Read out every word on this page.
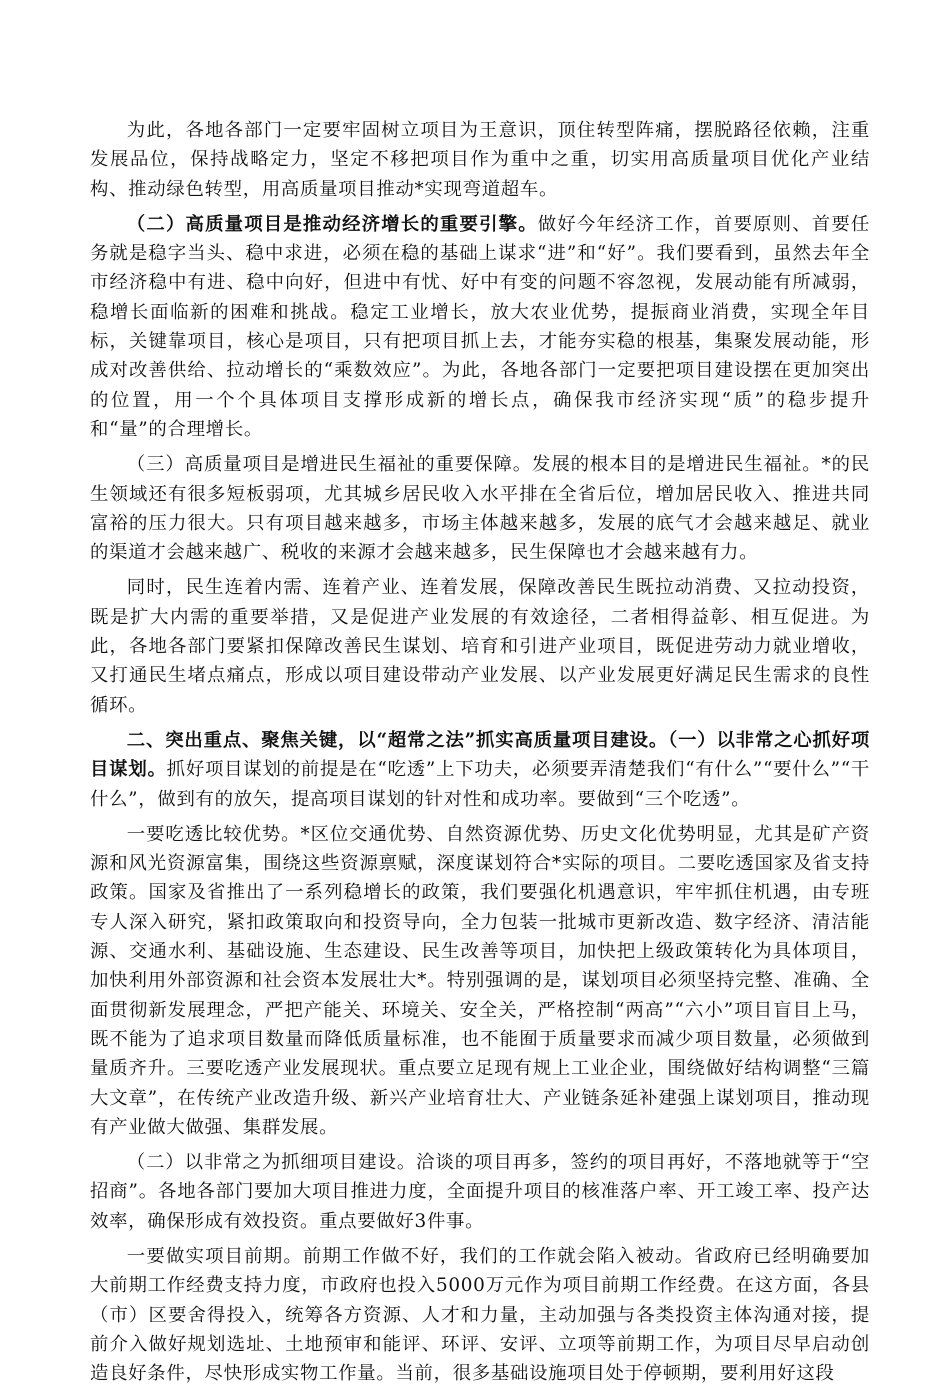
为此，各地各部门一定要牢固树立项目为王意识，顶住转型阵痛，摆脱路径依赖，注重发展品位，保持战略定力，坚定不移把项目作为重中之重，切实用高质量项目优化产业结构、推动绿色转型，用高质量项目推动*实现弯道超车。

（二）高质量项目是推动经济增长的重要引擎。做好今年经济工作，首要原则、首要任务就是稳字当头、稳中求进，必须在稳的基础上谋求“进”和“好”。我们要看到，虽然去年全市经济稳中有进、稳中向好，但进中有忧、好中有变的问题不容忽视，发展动能有所减弱，稳增长面临新的困难和挑战。稳定工业增长，放大农业优势，提振商业消费，实现全年目标，关键靠项目，核心是项目，只有把项目抓上去，才能夯实稳的根基，集聚发展动能，形成对改善供给、拉动增长的“乘数效应”。为此，各地各部门一定要把项目建设摆在更加突出的位置，用一个个具体项目支撑形成新的增长点，确保我市经济实现“质”的稳步提升和“量”的合理增长。

（三）高质量项目是增进民生福祉的重要保障。发展的根本目的是增进民生福祉。*的民生领域还有很多短板弱项，尤其城乡居民收入水平排在全省后位，增加居民收入、推进共同富裕的压力很大。只有项目越来越多，市场主体越来越多，发展的底气才会越来越足、就业的渠道才会越来越广、税收的来源才会越来越多，民生保障也才会越来越有力。

同时，民生连着内需、连着产业、连着发展，保障改善民生既拉动消费、又拉动投资，既是扩大内需的重要举措，又是促进产业发展的有效途径，二者相得益彰、相互促进。为此，各地各部门要紧扣保障改善民生谋划、培育和引进产业项目，既促进劳动力就业增收，又打通民生堵点痛点，形成以项目建设带动产业发展、以产业发展更好满足民生需求的良性循环。

二、突出重点、聚焦关键，以“超常之法”抓实高质量项目建设。（一）以非常之心抓好项目谋划。抓好项目谋划的前提是在“吃透”上下功夫，必须要弄清楚我们“有什么”“要什么”“干什么”，做到有的放矢，提高项目谋划的针对性和成功率。要做到“三个吃透”。

一要吃透比较优势。*区位交通优势、自然资源优势、历史文化优势明显，尤其是矿产资源和风光资源富集，围绕这些资源禀赋，深度谋划符合*实际的项目。二要吃透国家及省支持政策。国家及省推出了一系列稳增长的政策，我们要强化机遇意识，牢牢抓住机遇，由专班专人深入研究，紧扣政策取向和投资导向，全力包装一批城市更新改造、数字经济、清洁能源、交通水利、基础设施、生态建设、民生改善等项目，加快把上级政策转化为具体项目，加快利用外部资源和社会资本发展壮大*。特别强调的是，谋划项目必须坚持完整、准确、全面贯彻新发展理念，严把产能关、环境关、安全关，严格控制“两高”“六小”项目盲目上马，既不能为了追求项目数量而降低质量标准，也不能囿于质量要求而减少项目数量，必须做到量质齐升。三要吃透产业发展现状。重点要立足现有规上工业企业，围绕做好结构调整“三篇大文章”，在传统产业改造升级、新兴产业培育壮大、产业链条延补建强上谋划项目，推动现有产业做大做强、集群发展。

（二）以非常之为抓细项目建设。洽谈的项目再多，签约的项目再好，不落地就等于“空招商”。各地各部门要加大项目推进力度，全面提升项目的核准落户率、开工竣工率、投产达效率，确保形成有效投资。重点要做好3件事。

一要做实项目前期。前期工作做不好，我们的工作就会陷入被动。省政府已经明确要加大前期工作经费支持力度，市政府也投入5000万元作为项目前期工作经费。在这方面，各县（市）区要舍得投入，统筹各方资源、人才和力量，主动加强与各类投资主体沟通对接，提前介入做好规划选址、土地预审和能评、环评、安评、立项等前期工作，为项目尽早启动创造良好条件，尽快形成实物工作量。当前，很多基础设施项目处于停顿期，要利用好这段
